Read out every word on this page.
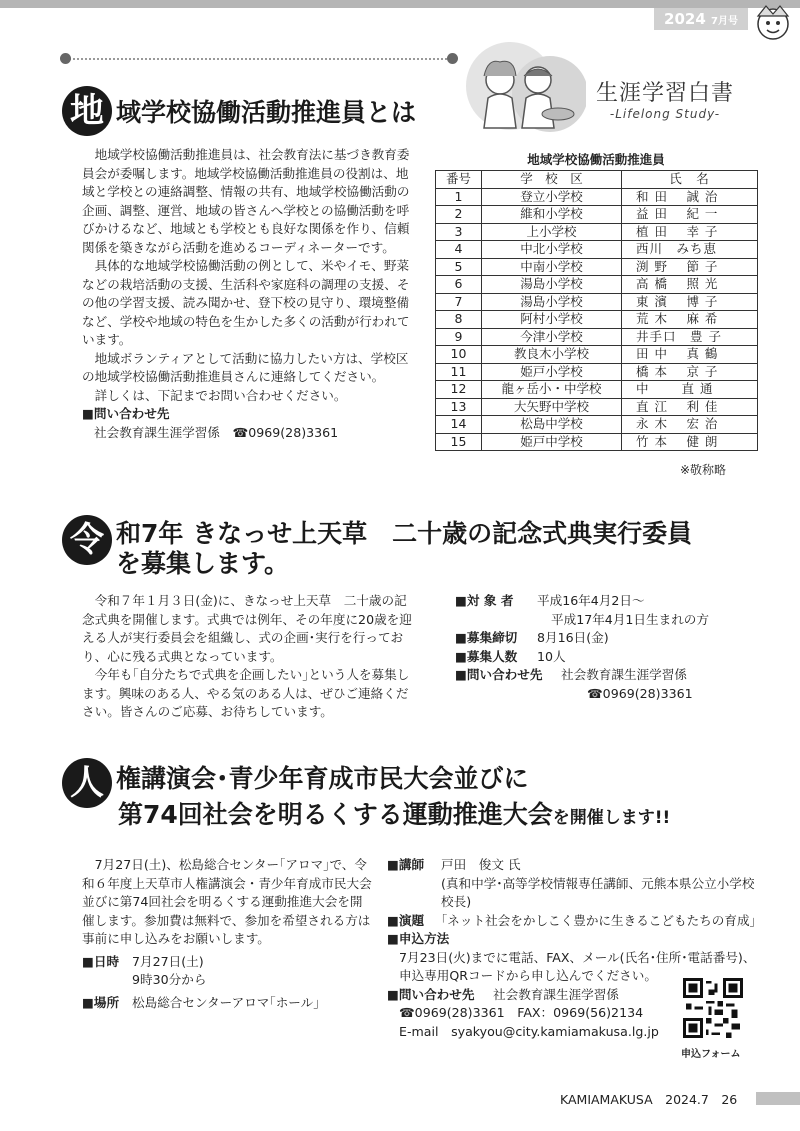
2024 7月号
生涯学習白書
-Lifelong Study-
地 域学校協働活動推進員とは

地域学校協働活動推進員は、社会教育法に基づき教育委員会が委嘱します。地域学校協働活動推進員の役割は、地域と学校との連絡調整、情報の共有、地域学校協働活動の企画、調整、運営、地域の皆さんへ学校との協働活動を呼びかけるなど、地域とも学校とも良好な関係を作り、信頼関係を築きながら活動を進めるコーディネーターです。

具体的な地域学校協働活動の例として、米やイモ、野菜などの栽培活動の支援、生活科や家庭科の調理の支援、その他の学習支援、読み聞かせ、登下校の見守り、環境整備など、学校や地域の特色を生かした多くの活動が行われています。

地域ボランティアとして活動に協力したい方は、学校区の地域学校協働活動推進員さんに連絡してください。

詳しくは、下記までお問い合わせください。

■問い合わせ先
社会教育課生涯学習係　☎0969(28)3361
地域学校協働活動推進員
番号	学　校　区	氏　名
1	登立小学校	和 田　 誠 治
2	維和小学校	益 田　 紀 一
3	上小学校	植 田　 幸 子
4	中北小学校	西川　みち恵
5	中南小学校	渕 野　 節 子
6	湯島小学校	高 橋　 照 光
7	湯島小学校	東 濱　 博 子
8	阿村小学校	荒 木　 麻 希
9	今津小学校	井手口　豊 子
10	教良木小学校	田 中　 真 鶴
11	姫戸小学校	橋 本　 京 子
12	龍ヶ岳小・中学校	中　　 直 通
13	大矢野中学校	直 江　 利 佳
14	松島中学校	永 木　 宏 治
15	姫戸中学校	竹 本　 健 朗
※敬称略
令 和7年 きなっせ上天草　二十歳の記念式典実行委員
を募集します。

令和７年１月３日(金)に、きなっせ上天草　二十歳の記念式典を開催します。式典では例年、その年度に20歳を迎える人が実行委員会を組織し、式の企画･実行を行っており、心に残る式典となっています。

今年も｢自分たちで式典を企画したい｣という人を募集します。興味のある人、やる気のある人は、ぜひご連絡ください。皆さんのご応募、お待ちしています。

■対 象 者	平成16年4月2日～
平成17年4月1日生まれの方
■募集締切	8月16日(金)
■募集人数	10人
■問い合わせ先	社会教育課生涯学習係
☎0969(28)3361
人 権講演会･青少年育成市民大会並びに
第74回社会を明るくする運動推進大会を開催します!!

7月27日(土)、松島総合センター｢アロマ｣で、令和６年度上天草市人権講演会・青少年育成市民大会並びに第74回社会を明るくする運動推進大会を開催します。参加費は無料で、参加を希望される方は事前に申し込みをお願いします。

■日時	7月27日(土)
9時30分から
■場所	松島総合センターアロマ｢ホール｣
■講師	戸田　俊文 氏
(真和中学･高等学校情報専任講師、元熊本県公立小学校校長)
■演題	｢ネット社会をかしこく豊かに生きるこどもたちの育成｣
■申込方法
7月23日(火)までに電話、FAX、メール(氏名･住所･電話番号)、申込専用QRコードから申し込んでください。
■問い合わせ先	社会教育課生涯学習係
☎0969(28)3361　FAX：0969(56)2134
E-mail　syakyou@city.kamiamakusa.lg.jp
申込フォーム
KAMIAMAKUSA　2024.7　26
